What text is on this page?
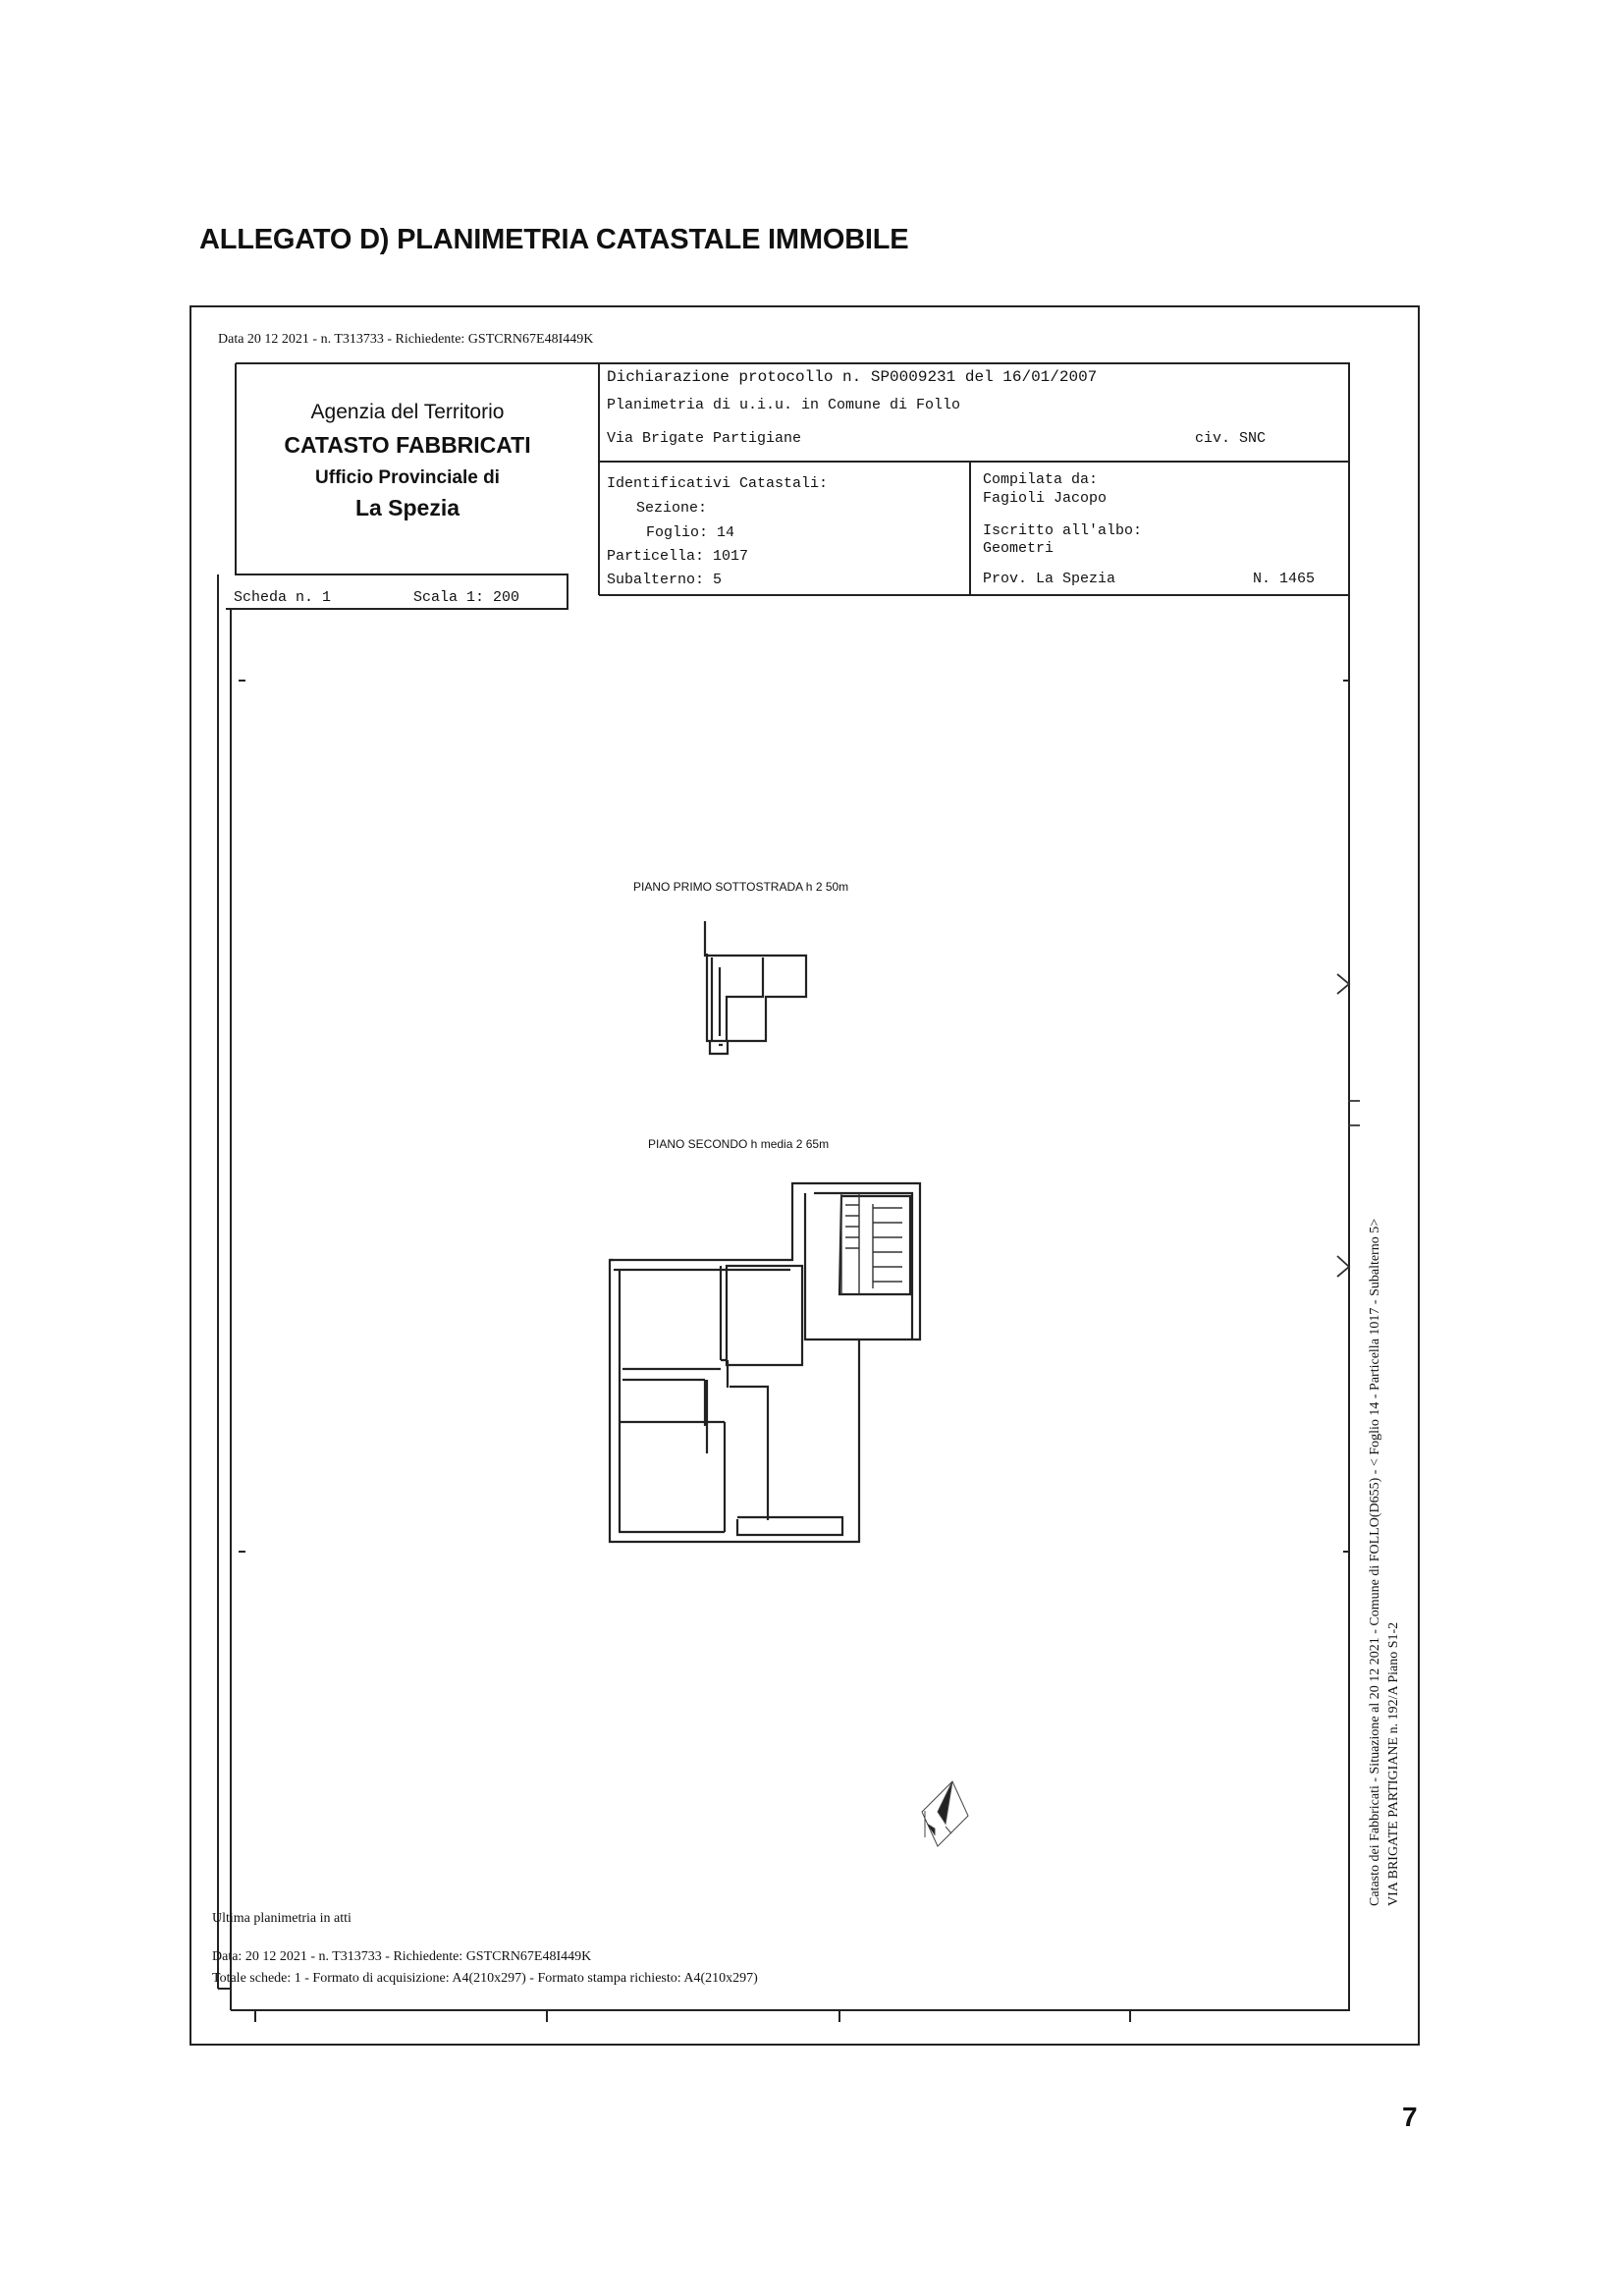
ALLEGATO D) PLANIMETRIA CATASTALE IMMOBILE
Data 20 12 2021 - n. T313733 - Richiedente: GSTCRN67E48I449K
Agenzia del Territorio
CATASTO FABBRICATI
Ufficio Provinciale di
La Spezia
Scheda n. 1	Scala 1: 200
Dichiarazione protocollo n. SP0009231 del 16/01/2007
Planimetria di u.i.u. in Comune di Follo
Via Brigate Partigiane	civ. SNC
Identificativi Catastali:
Sezione:
Foglio: 14
Particella: 1017
Subalterno: 5
Compilata da:
Fagioli Jacopo
Iscritto all'albo:
Geometri
Prov. La Spezia	N. 1465
PIANO PRIMO SOTTOSTRADA h 2 50m
PIANO SECONDO h media 2 65m
Ultima planimetria in atti
Data: 20 12 2021 - n. T313733 - Richiedente: GSTCRN67E48I449K
Totale schede: 1 - Formato di acquisizione: A4(210x297) - Formato stampa richiesto: A4(210x297)
Catasto dei Fabbricati - Situazione al 20 12 2021 - Comune di FOLLO(D655) - < Foglio 14 - Particella 1017 - Subalterno 5> VIA BRIGATE PARTIGIANE n. 192/A Piano S1-2
7
